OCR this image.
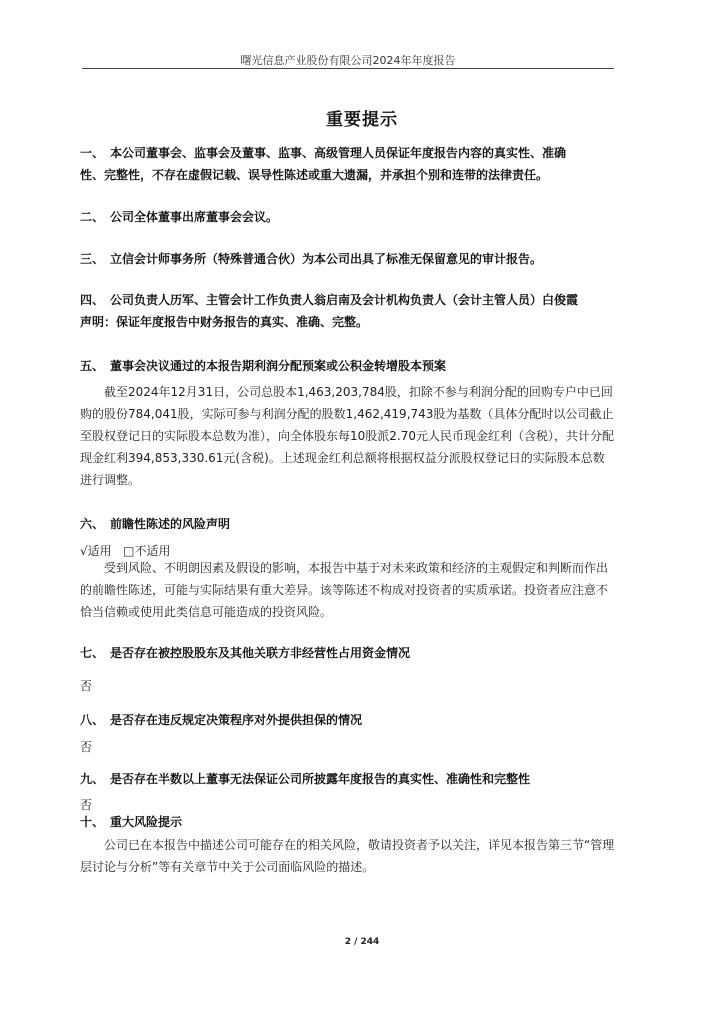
曙光信息产业股份有限公司2024年年度报告
重要提示
一、 本公司董事会、监事会及董事、监事、高级管理人员保证年度报告内容的真实性、准确
性、完整性，不存在虚假记载、误导性陈述或重大遗漏，并承担个别和连带的法律责任。
二、 公司全体董事出席董事会会议。
三、 立信会计师事务所（特殊普通合伙）为本公司出具了标准无保留意见的审计报告。
四、 公司负责人历军、主管会计工作负责人翁启南及会计机构负责人（会计主管人员）白俊霞
声明：保证年度报告中财务报告的真实、准确、完整。
五、 董事会决议通过的本报告期利润分配预案或公积金转增股本预案
截至2024年12月31日，公司总股本1,463,203,784股，扣除不参与利润分配的回购专户中已回购的股份784,041股，实际可参与利润分配的股数1,462,419,743股为基数（具体分配时以公司截止至股权登记日的实际股本总数为准），向全体股东每10股派2.70元人民币现金红利（含税），共计分配现金红利394,853,330.61元(含税)。上述现金红利总额将根据权益分派股权登记日的实际股本总数进行调整。
六、 前瞻性陈述的风险声明
√适用 □不适用
受到风险、不明朗因素及假设的影响，本报告中基于对未来政策和经济的主观假定和判断而作出的前瞻性陈述，可能与实际结果有重大差异。该等陈述不构成对投资者的实质承诺。投资者应注意不恰当信赖或使用此类信息可能造成的投资风险。
七、 是否存在被控股股东及其他关联方非经营性占用资金情况
否
八、 是否存在违反规定决策程序对外提供担保的情况
否
九、 是否存在半数以上董事无法保证公司所披露年度报告的真实性、准确性和完整性
否
十、 重大风险提示
公司已在本报告中描述公司可能存在的相关风险，敬请投资者予以关注，详见本报告第三节“管理层讨论与分析”等有关章节中关于公司面临风险的描述。
2 / 244
